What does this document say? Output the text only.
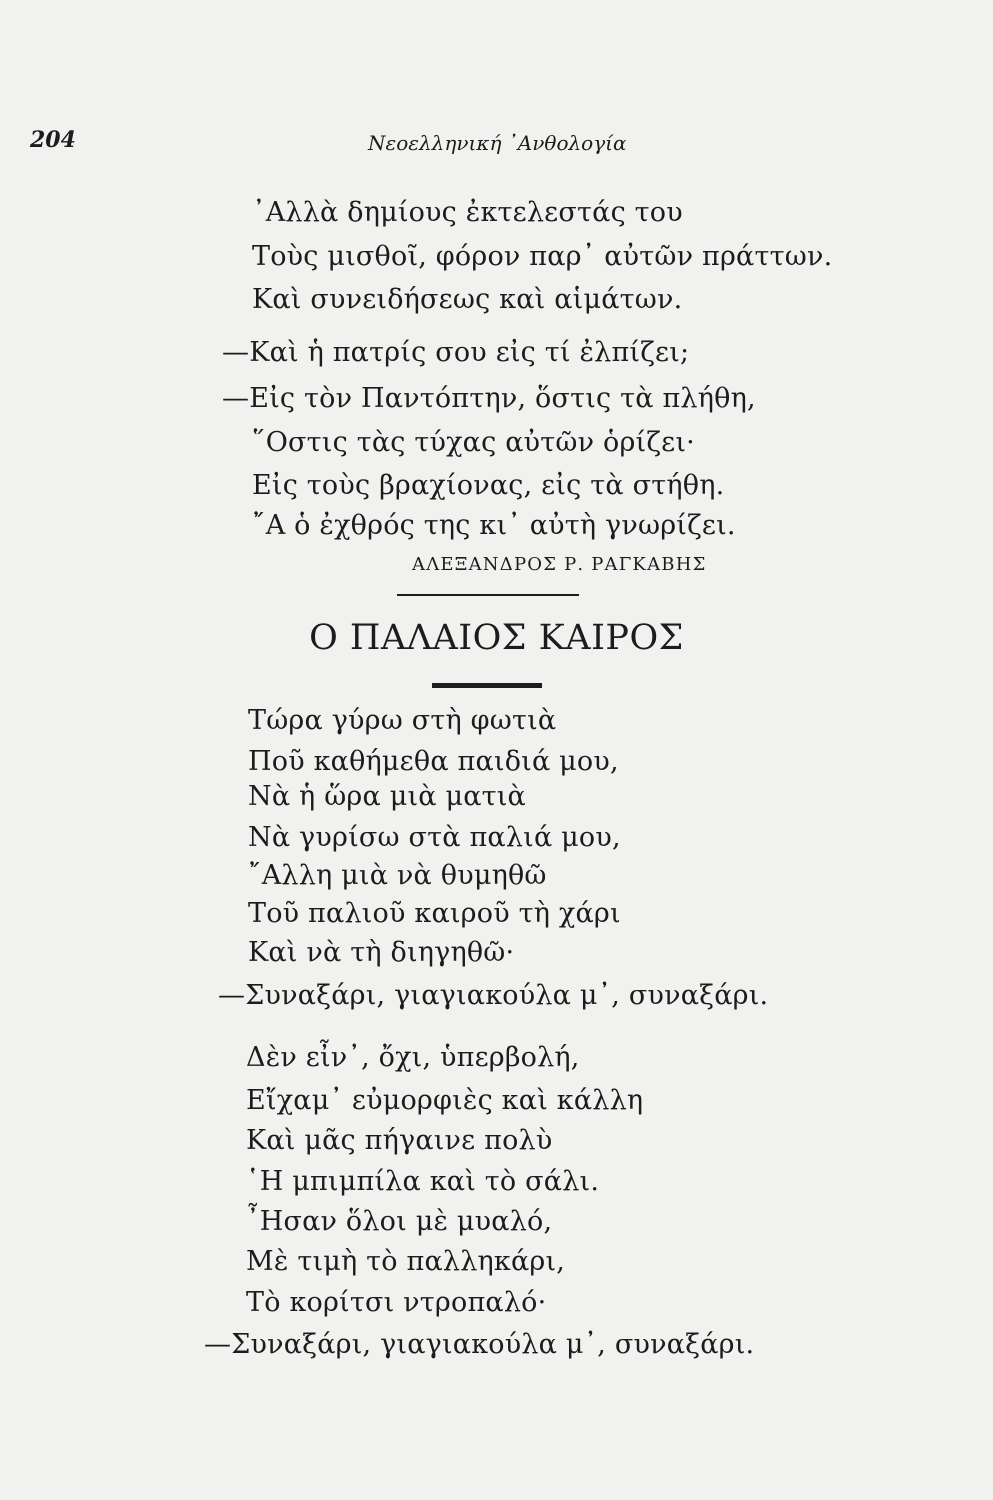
204	Νεοελληνική ᾿Ανθολογία
᾿Αλλὰ δημίους ἐκτελεστάς του
Τοὺς μισθοῖ, φόρον παρ᾿ αὐτῶν πράττων.
Καὶ συνειδήσεως καὶ αἱμάτων.
—Καὶ ἡ πατρίς σου εἰς τί ἐλπίζει;
—Εἰς τὸν Παντόπτην, ὅστις τὰ πλήθη,
῞Οστις τὰς τύχας αὐτῶν ὁρίζει·
Εἰς τοὺς βραχίονας, εἰς τὰ στήθη.
῎Α ὁ ἐχθρός της κι᾿ αὐτὴ γνωρίζει.
ΑΛΕΞΑΝΔΡΟΣ Ρ. ΡΑΓΚΑΒΗΣ
Ο ΠΑΛΑΙΟΣ ΚΑΙΡΟΣ
Τώρα γύρω στὴ φωτιὰ
Ποῦ καθήμεθα παιδιά μου,
Νὰ ἡ ὥρα μιὰ ματιὰ
Νὰ γυρίσω στὰ παλιά μου,
῎Αλλη μιὰ νὰ θυμηθῶ
Τοῦ παλιοῦ καιροῦ τὴ χάρι
Καὶ νὰ τὴ διηγηθῶ·
—Συναξάρι, γιαγιακούλα μ᾿, συναξάρι.
Δὲν εἶν᾿, ὄχι, ὑπερβολή,
Εἴχαμ᾿ εὐμορφιὲς καὶ κάλλη
Καὶ μᾶς πήγαινε πολὺ
῾Η μπιμπίλα καὶ τὸ σάλι.
῏Ησαν ὅλοι μὲ μυαλό,
Μὲ τιμὴ τὸ παλληκάρι,
Τὸ κορίτσι ντροπαλό·
—Συναξάρι, γιαγιακούλα μ᾿, συναξάρι.
